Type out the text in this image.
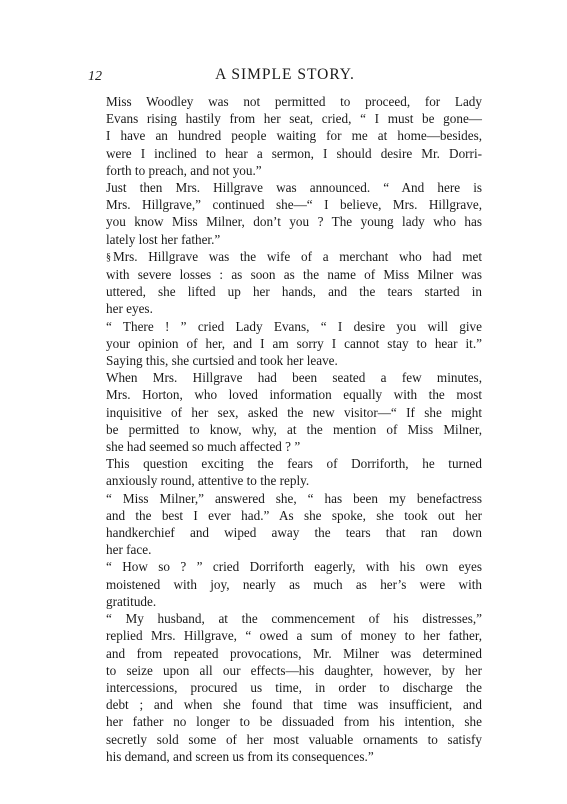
12	A SIMPLE STORY.

Miss Woodley was not permitted to proceed, for Lady
Evans rising hastily from her seat, cried, “ I must be gone—
I have an hundred people waiting for me at home—besides,
were I inclined to hear a sermon, I should desire Mr. Dorri-
forth to preach, and not you.”

Just then Mrs. Hillgrave was announced. “ And here is
Mrs. Hillgrave,” continued she—“ I believe, Mrs. Hillgrave,
you know Miss Milner, don’t you ? The young lady who has
lately lost her father.”

§ Mrs. Hillgrave was the wife of a merchant who had met
with severe losses : as soon as the name of Miss Milner was
uttered, she lifted up her hands, and the tears started in
her eyes.

“ There ! ” cried Lady Evans, “ I desire you will give
your opinion of her, and I am sorry I cannot stay to hear it.”
Saying this, she curtsied and took her leave.

When Mrs. Hillgrave had been seated a few minutes,
Mrs. Horton, who loved information equally with the most
inquisitive of her sex, asked the new visitor—“ If she might
be permitted to know, why, at the mention of Miss Milner,
she had seemed so much affected ? ”

This question exciting the fears of Dorriforth, he turned
anxiously round, attentive to the reply.

“ Miss Milner,” answered she, “ has been my benefactress
and the best I ever had.” As she spoke, she took out her
handkerchief and wiped away the tears that ran down
her face.

“ How so ? ” cried Dorriforth eagerly, with his own eyes
moistened with joy, nearly as much as her’s were with
gratitude.

“ My husband, at the commencement of his distresses,”
replied Mrs. Hillgrave, “ owed a sum of money to her father,
and from repeated provocations, Mr. Milner was determined
to seize upon all our effects—his daughter, however, by her
intercessions, procured us time, in order to discharge the
debt ; and when she found that time was insufficient, and
her father no longer to be dissuaded from his intention, she
secretly sold some of her most valuable ornaments to satisfy
his demand, and screen us from its consequences.”
